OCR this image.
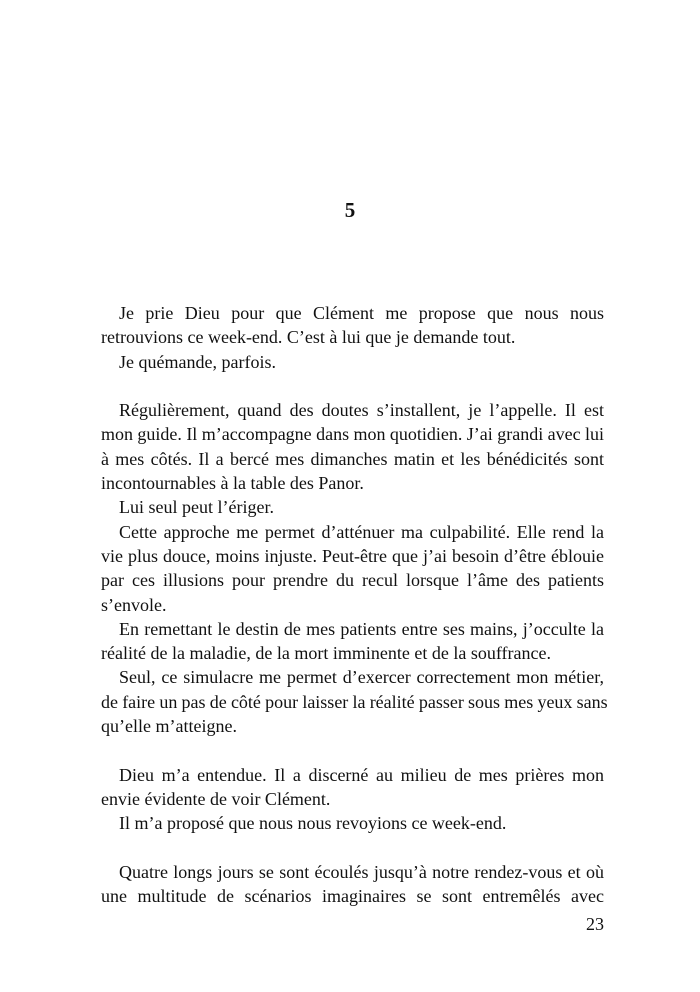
5
Je prie Dieu pour que Clément me propose que nous nous
retrouvions ce week-end. C’est à lui que je demande tout.
Je quémande, parfois.
Régulièrement, quand des doutes s’installent, je l’appelle. Il est
mon guide. Il m’accompagne dans mon quotidien. J’ai grandi avec lui
à mes côtés. Il a bercé mes dimanches matin et les bénédicités sont
incontournables à la table des Panor.
Lui seul peut l’ériger.
Cette approche me permet d’atténuer ma culpabilité. Elle rend la
vie plus douce, moins injuste. Peut-être que j’ai besoin d’être éblouie
par ces illusions pour prendre du recul lorsque l’âme des patients
s’envole.
En remettant le destin de mes patients entre ses mains, j’occulte la
réalité de la maladie, de la mort imminente et de la souffrance.
Seul, ce simulacre me permet d’exercer correctement mon métier,
de faire un pas de côté pour laisser la réalité passer sous mes yeux sans
qu’elle m’atteigne.
Dieu m’a entendue. Il a discerné au milieu de mes prières mon
envie évidente de voir Clément.
Il m’a proposé que nous nous revoyions ce week-end.
Quatre longs jours se sont écoulés jusqu’à notre rendez-vous et où
une multitude de scénarios imaginaires se sont entremêlés avec
23
